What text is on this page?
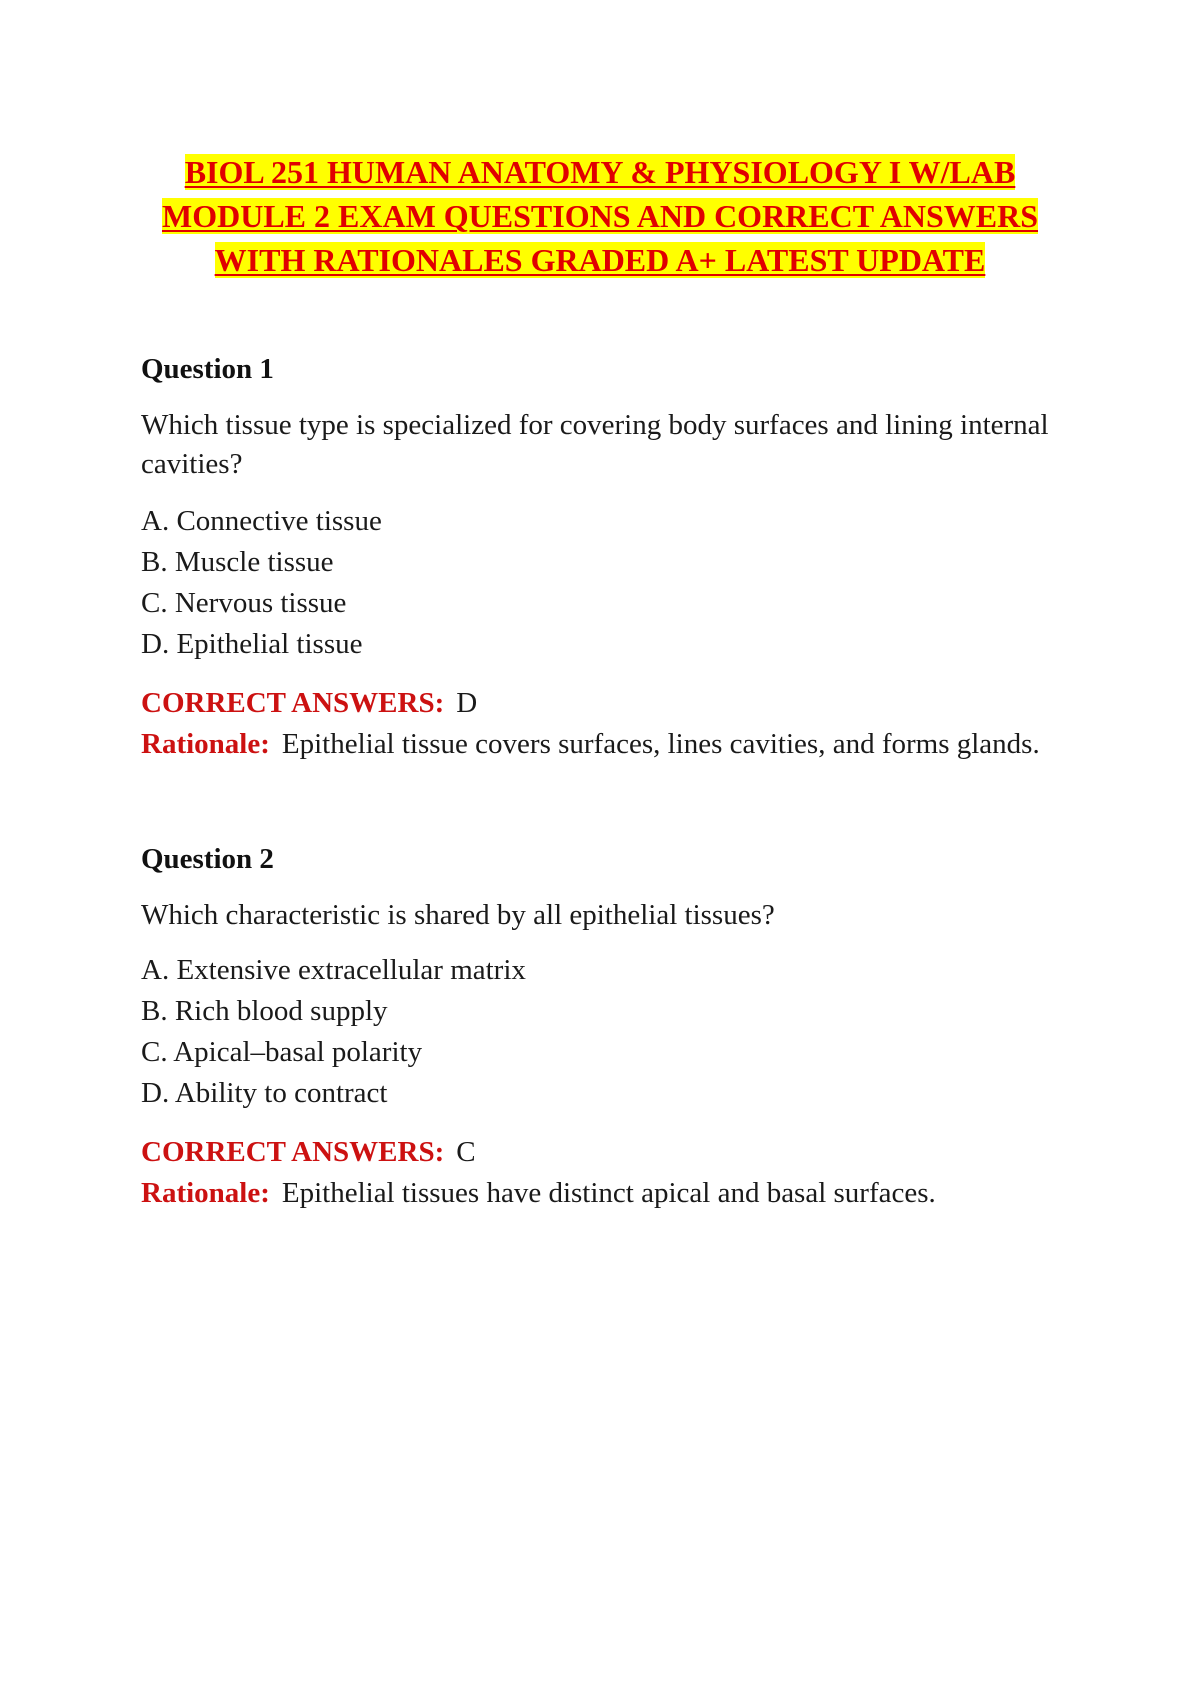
BIOL 251 HUMAN ANATOMY & PHYSIOLOGY I W/LAB
MODULE 2 EXAM QUESTIONS AND CORRECT ANSWERS
WITH RATIONALES GRADED A+ LATEST UPDATE

Question 1

Which tissue type is specialized for covering body surfaces and lining internal cavities?

A. Connective tissue
B. Muscle tissue
C. Nervous tissue
D. Epithelial tissue

CORRECT ANSWERS: D

Rationale: Epithelial tissue covers surfaces, lines cavities, and forms glands.

Question 2

Which characteristic is shared by all epithelial tissues?

A. Extensive extracellular matrix
B. Rich blood supply
C. Apical–basal polarity
D. Ability to contract

CORRECT ANSWERS: C

Rationale: Epithelial tissues have distinct apical and basal surfaces.
